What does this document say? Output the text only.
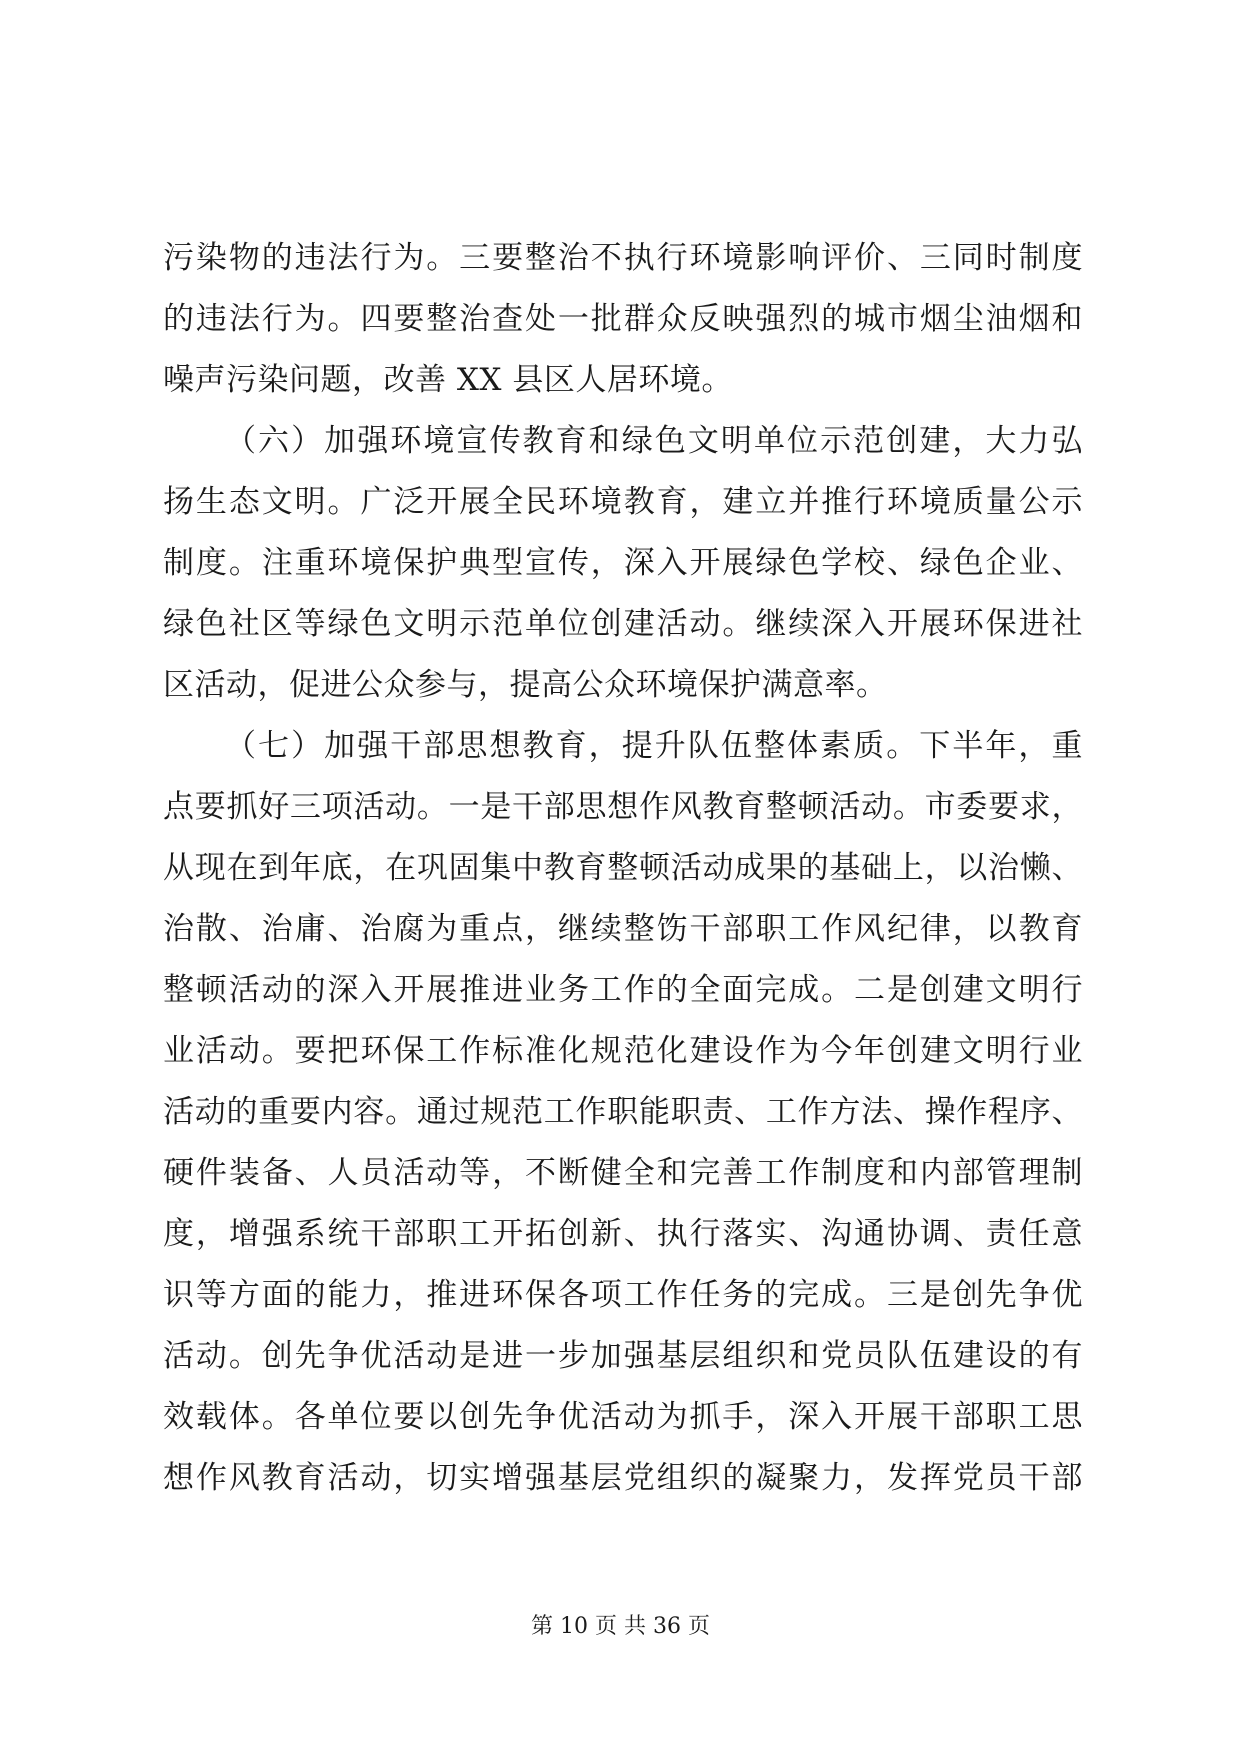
污染物的违法行为。三要整治不执行环境影响评价、三同时制度
的违法行为。四要整治查处一批群众反映强烈的城市烟尘油烟和
噪声污染问题，改善 XX 县区人居环境。
（六）加强环境宣传教育和绿色文明单位示范创建，大力弘
扬生态文明。广泛开展全民环境教育，建立并推行环境质量公示
制度。注重环境保护典型宣传，深入开展绿色学校、绿色企业、
绿色社区等绿色文明示范单位创建活动。继续深入开展环保进社
区活动，促进公众参与，提高公众环境保护满意率。
（七）加强干部思想教育，提升队伍整体素质。下半年，重
点要抓好三项活动。一是干部思想作风教育整顿活动。市委要求，
从现在到年底，在巩固集中教育整顿活动成果的基础上，以治懒、
治散、治庸、治腐为重点，继续整饬干部职工作风纪律，以教育
整顿活动的深入开展推进业务工作的全面完成。二是创建文明行
业活动。要把环保工作标准化规范化建设作为今年创建文明行业
活动的重要内容。通过规范工作职能职责、工作方法、操作程序、
硬件装备、人员活动等，不断健全和完善工作制度和内部管理制
度，增强系统干部职工开拓创新、执行落实、沟通协调、责任意
识等方面的能力，推进环保各项工作任务的完成。三是创先争优
活动。创先争优活动是进一步加强基层组织和党员队伍建设的有
效载体。各单位要以创先争优活动为抓手，深入开展干部职工思
想作风教育活动，切实增强基层党组织的凝聚力，发挥党员干部
第 10 页 共 36 页
